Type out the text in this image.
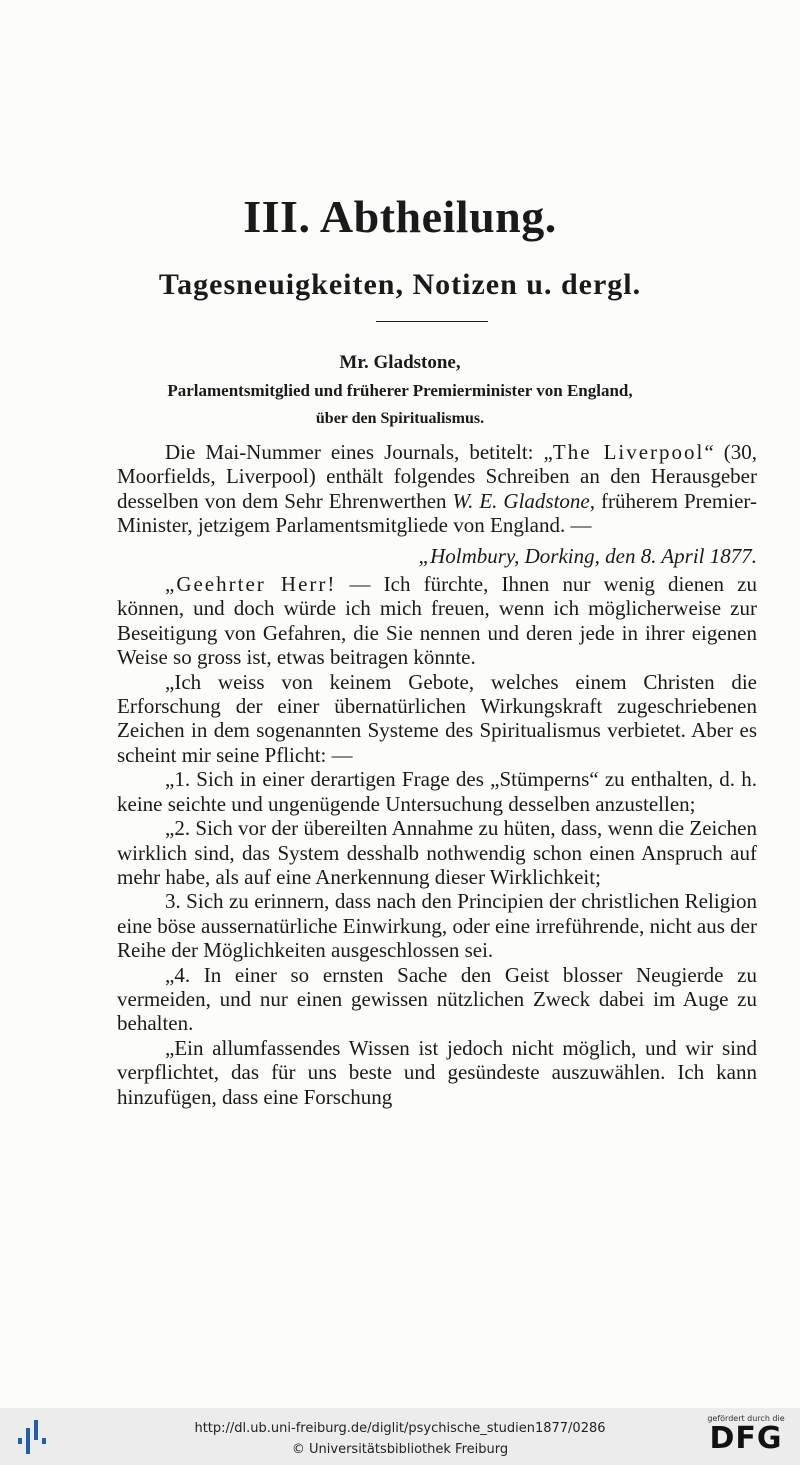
III. Abtheilung.
Tagesneuigkeiten, Notizen u. dergl.
Mr. Gladstone,
Parlamentsmitglied und früherer Premierminister von England,
über den Spiritualismus.

Die Mai-Nummer eines Journals, betitelt: „The Liverpool“ (30, Moorfields, Liverpool) enthält folgendes Schreiben an den Herausgeber desselben von dem Sehr Ehrenwerthen W. E. Gladstone, früherem Premier-Minister, jetzigem Parlamentsmitgliede von England. —

„Holmbury, Dorking, den 8. April 1877.

„Geehrter Herr! — Ich fürchte, Ihnen nur wenig dienen zu können, und doch würde ich mich freuen, wenn ich möglicherweise zur Beseitigung von Gefahren, die Sie nennen und deren jede in ihrer eigenen Weise so gross ist, etwas beitragen könnte.

„Ich weiss von keinem Gebote, welches einem Christen die Erforschung der einer übernatürlichen Wirkungskraft zugeschriebenen Zeichen in dem sogenannten Systeme des Spiritualismus verbietet. Aber es scheint mir seine Pflicht: —

„1. Sich in einer derartigen Frage des „Stümperns“ zu enthalten, d. h. keine seichte und ungenügende Untersuchung desselben anzustellen;

„2. Sich vor der übereilten Annahme zu hüten, dass, wenn die Zeichen wirklich sind, das System desshalb nothwendig schon einen Anspruch auf mehr habe, als auf eine Anerkennung dieser Wirklichkeit;

3. Sich zu erinnern, dass nach den Principien der christlichen Religion eine böse aussernatürliche Einwirkung, oder eine irreführende, nicht aus der Reihe der Möglichkeiten ausgeschlossen sei.

„4. In einer so ernsten Sache den Geist blosser Neugierde zu vermeiden, und nur einen gewissen nützlichen Zweck dabei im Auge zu behalten.

„Ein allumfassendes Wissen ist jedoch nicht möglich, und wir sind verpflichtet, das für uns beste und gesündeste auszuwählen. Ich kann hinzufügen, dass eine Forschung

http://dl.ub.uni-freiburg.de/diglit/psychische_studien1877/0286
© Universitätsbibliothek Freiburg
gefördert durch die
DFG
